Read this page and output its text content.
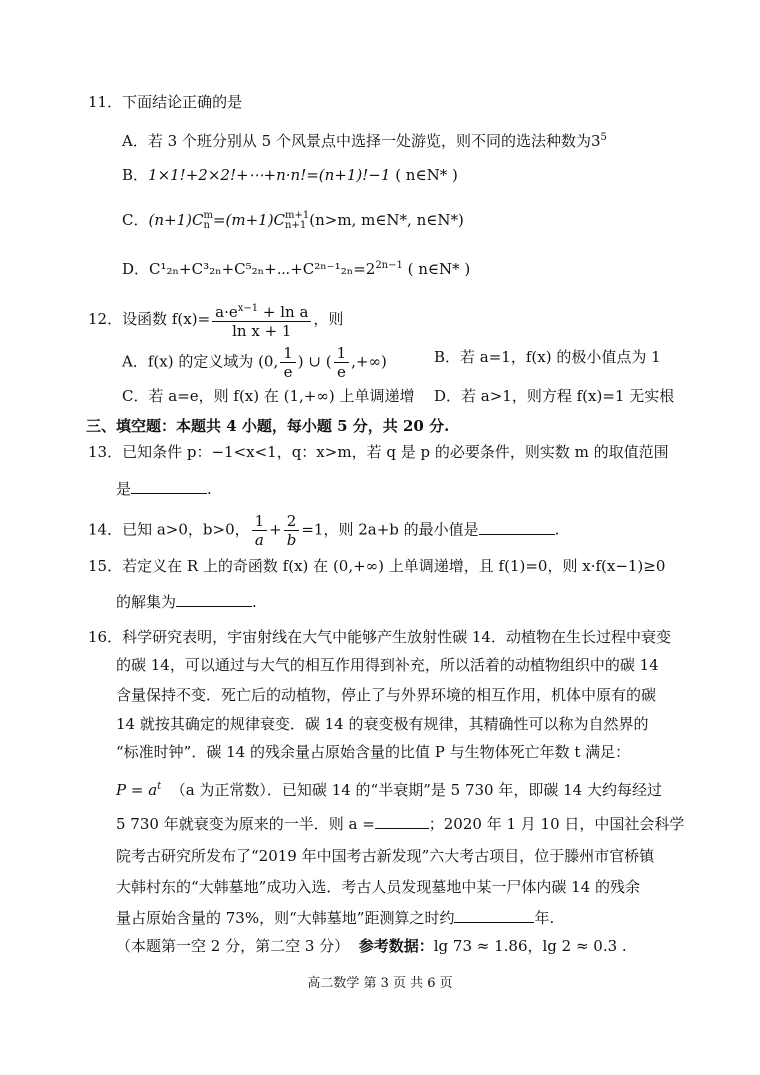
11．下面结论正确的是
A．若 3 个班分别从 5 个风景点中选择一处游览，则不同的选法种数为$3^5$
B．1×1!+2×2!+⋯+n·n!=(n+1)!−1 ( n∈N* )
C．(n+1)C m
n =(m+1)C m+1
n+1 (n>m, m∈N*, n∈N*)
D．$C^1_{2n}+C^3_{2n}+C^5_{2n}+\cdots+C^{2n-1}_{2n}=2^{2n-1}$ ( n∈N* )
12．设函数 $f(x)= \frac{a\cdot e^{x-1} + \ln a}{\text{ln x + 1}}$ ，则
A．f(x) 的定义域为 (0, $\frac{1}{e}$ ) ∪ ( $\frac{1}{e}$ ,+∞)	B．若 a=1，f(x) 的极小值点为 1
C．若 a=e，则 f(x) 在 (1,+∞) 上单调递增 D．若 a>1，则方程 f(x)=1 无实根
三、填空题：本题共 4 小题，每小题 5 分，共 20 分.
13．已知条件 p：−1<x<1，q：x>m，若 q 是 p 的必要条件，则实数 m 的取值范围
是	.
14．已知 a>0，b>0， $\frac{1}{a} + \frac{2}{b} =1$，则 2a+b 的最小值是	.
15．若定义在 R 上的奇函数 f(x) 在 (0,+∞) 上单调递增，且 f(1)=0，则 x·f(x−1)≥0
的解集为	.
16．科学研究表明，宇宙射线在大气中能够产生放射性碳 14．动植物在生长过程中衰变
的碳 14，可以通过与大气的相互作用得到补充，所以活着的动植物组织中的碳 14
含量保持不变．死亡后的动植物，停止了与外界环境的相互作用，机体中原有的碳
14 就按其确定的规律衰变．碳 14 的衰变极有规律，其精确性可以称为自然界的
“标准时钟”．碳 14 的残余量占原始含量的比值 P 与生物体死亡年数 t 满足：
$P = a^t$ （a 为正常数）．已知碳 14 的“半衰期”是 5 730 年，即碳 14 大约每经过
5 730 年就衰变为原来的一半．则 a =	；2020 年 1 月 10 日，中国社会科学
院考古研究所发布了“2019 年中国考古新发现”六大考古项目，位于滕州市官桥镇
大韩村东的“大韩墓地”成功入选．考古人员发现墓地中某一尸体内碳 14 的残余
量占原始含量的 73%，则“大韩墓地”距测算之时约	年.
（本题第一空 2 分，第二空 3 分） 参考数据：lg 73 ≈ 1.86，lg 2 ≈ 0.3 .
高二数学 第 3 页 共 6 页
